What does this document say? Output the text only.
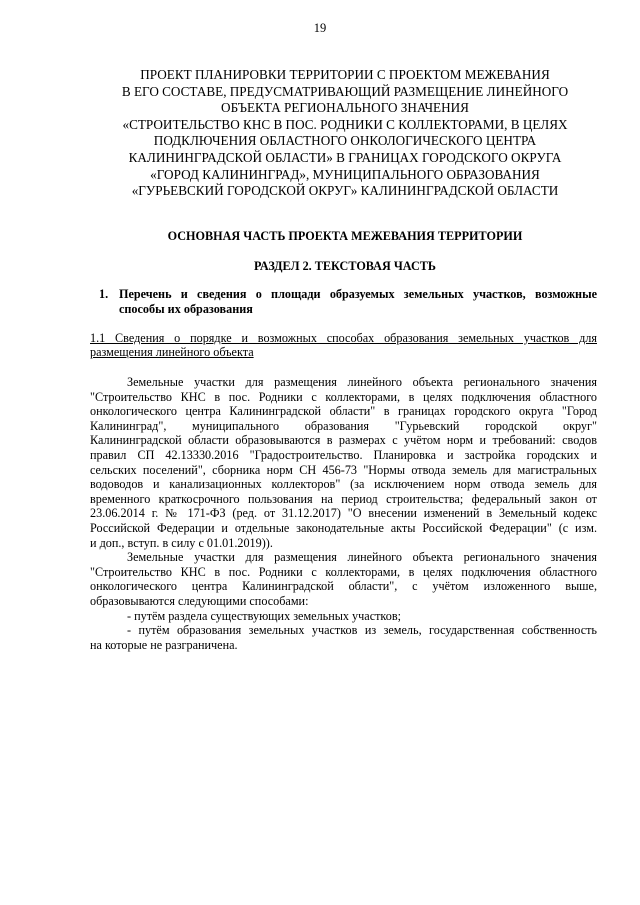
19
ПРОЕКТ ПЛАНИРОВКИ ТЕРРИТОРИИ С ПРОЕКТОМ МЕЖЕВАНИЯ
В ЕГО СОСТАВЕ, ПРЕДУСМАТРИВАЮЩИЙ РАЗМЕЩЕНИЕ ЛИНЕЙНОГО
ОБЪЕКТА РЕГИОНАЛЬНОГО ЗНАЧЕНИЯ
«СТРОИТЕЛЬСТВО КНС В ПОС. РОДНИКИ С КОЛЛЕКТОРАМИ, В ЦЕЛЯХ
ПОДКЛЮЧЕНИЯ ОБЛАСТНОГО ОНКОЛОГИЧЕСКОГО ЦЕНТРА
КАЛИНИНГРАДСКОЙ ОБЛАСТИ» В ГРАНИЦАХ ГОРОДСКОГО ОКРУГА
«ГОРОД КАЛИНИНГРАД», МУНИЦИПАЛЬНОГО ОБРАЗОВАНИЯ
«ГУРЬЕВСКИЙ ГОРОДСКОЙ ОКРУГ» КАЛИНИНГРАДСКОЙ ОБЛАСТИ
ОСНОВНАЯ ЧАСТЬ ПРОЕКТА МЕЖЕВАНИЯ ТЕРРИТОРИИ
РАЗДЕЛ 2. ТЕКСТОВАЯ ЧАСТЬ
1. Перечень и сведения о площади образуемых земельных участков, возможные
способы их образования
1.1 Сведения о порядке и возможных способах образования земельных участков для
размещения линейного объекта
Земельные участки для размещения линейного объекта регионального значения
"Строительство КНС в пос. Родники с коллекторами, в целях подключения областного
онкологического центра Калининградской области" в границах городского округа "Город
Калининград", муниципального образования "Гурьевский городской округ"
Калининградской области образовываются в размерах с учётом норм и требований: сводов
правил СП 42.13330.2016 "Градостроительство. Планировка и застройка городских и
сельских поселений", сборника норм СН 456-73 "Нормы отвода земель для магистральных
водоводов и канализационных коллекторов" (за исключением норм отвода земель для
временного краткосрочного пользования на период строительства; федеральный закон от
23.06.2014 г. № 171-ФЗ (ред. от 31.12.2017) "О внесении изменений в Земельный кодекс
Российской Федерации и отдельные законодательные акты Российской Федерации" (с изм.
и доп., вступ. в силу с 01.01.2019)).
Земельные участки для размещения линейного объекта регионального значения
"Строительство КНС в пос. Родники с коллекторами, в целях подключения областного
онкологического центра Калининградской области", с учётом изложенного выше,
образовываются следующими способами:
- путём раздела существующих земельных участков;
- путём образования земельных участков из земель, государственная собственность
на которые не разграничена.
